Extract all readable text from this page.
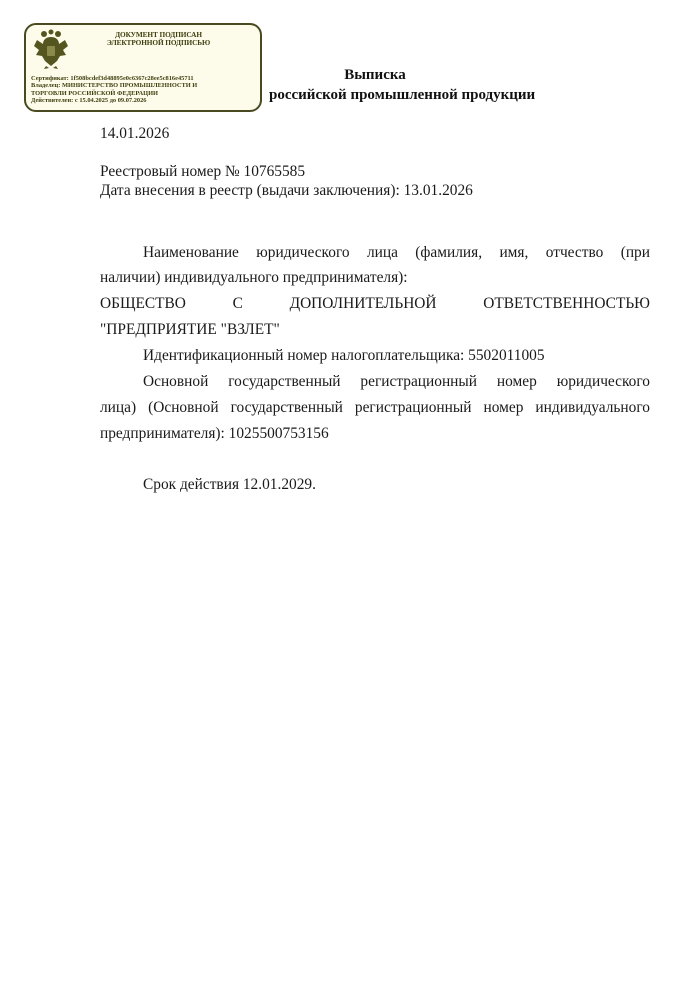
ДОКУМЕНТ ПОДПИСАН
ЭЛЕКТРОННОЙ ПОДПИСЬЮ
Сертификат: 1f508bcdef3d48895e0c6367c28ee5c816e45711
Владелец: МИНИСТЕРСТВО ПРОМЫШЛЕННОСТИ И
ТОРГОВЛИ РОССИЙСКОЙ ФЕДЕРАЦИИ
Действителен: с 15.04.2025 до 09.07.2026
Выписка
российской промышленной продукции
14.01.2026
Реестровый номер № 10765585
Дата внесения в реестр (выдачи заключения): 13.01.2026
Наименование юридического лица (фамилия, имя, отчество (при
наличии) индивидуального предпринимателя):
ОБЩЕСТВО С ДОПОЛНИТЕЛЬНОЙ ОТВЕТСТВЕННОСТЬЮ
"ПРЕДПРИЯТИЕ "ВЗЛЕТ"
Идентификационный номер налогоплательщика: 5502011005
Основной государственный регистрационный номер юридического
лица) (Основной государственный регистрационный номер индивидуального
предпринимателя): 1025500753156
Срок действия 12.01.2029.
